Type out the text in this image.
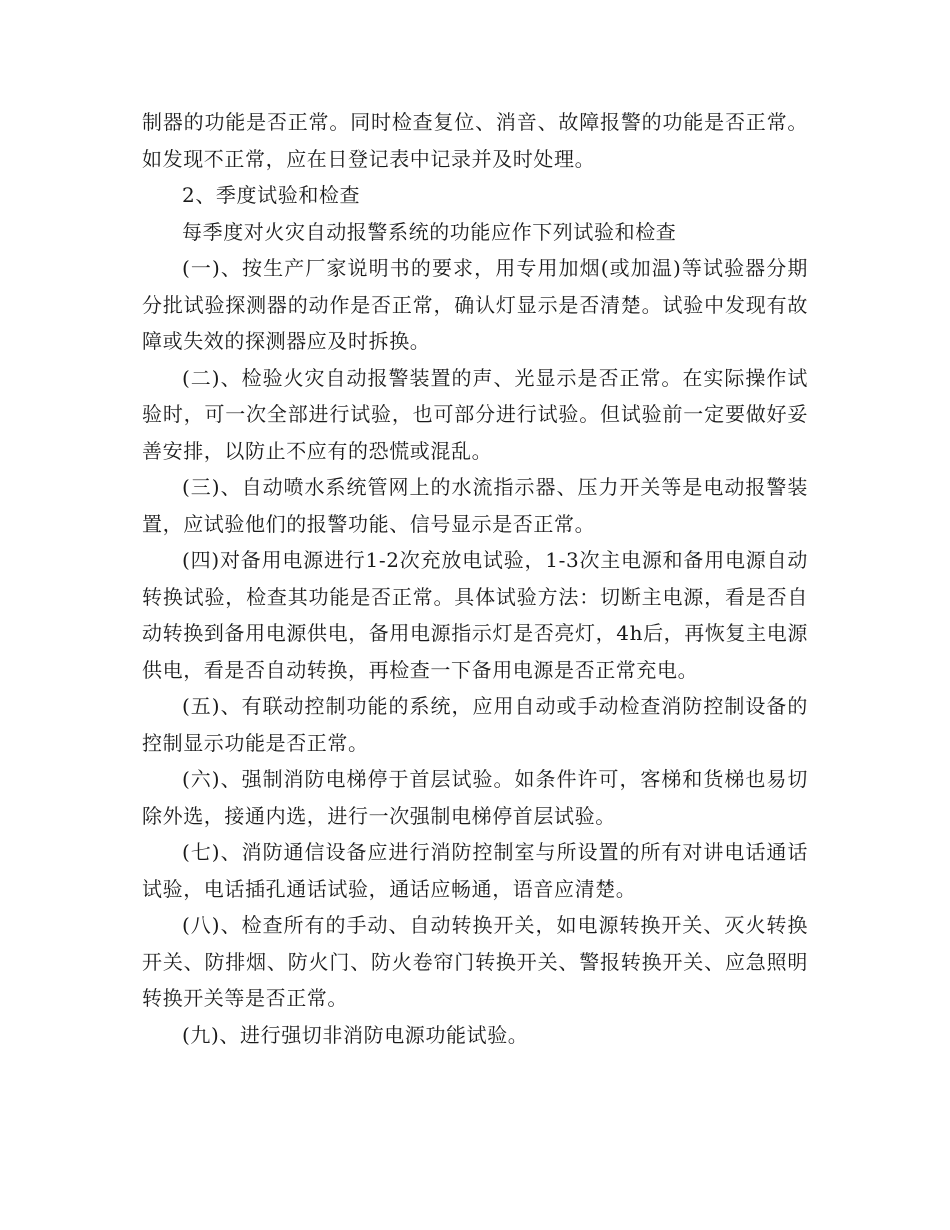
制器的功能是否正常。同时检查复位、消音、故障报警的功能是否正常。如发现不正常，应在日登记表中记录并及时处理。

2、季度试验和检查

每季度对火灾自动报警系统的功能应作下列试验和检查

(一)、按生产厂家说明书的要求，用专用加烟(或加温)等试验器分期分批试验探测器的动作是否正常，确认灯显示是否清楚。试验中发现有故障或失效的探测器应及时拆换。

(二)、检验火灾自动报警装置的声、光显示是否正常。在实际操作试验时，可一次全部进行试验，也可部分进行试验。但试验前一定要做好妥善安排，以防止不应有的恐慌或混乱。

(三)、自动喷水系统管网上的水流指示器、压力开关等是电动报警装置，应试验他们的报警功能、信号显示是否正常。

(四)对备用电源进行1-2次充放电试验，1-3次主电源和备用电源自动转换试验，检查其功能是否正常。具体试验方法：切断主电源，看是否自动转换到备用电源供电，备用电源指示灯是否亮灯，4h后，再恢复主电源供电，看是否自动转换，再检查一下备用电源是否正常充电。

(五)、有联动控制功能的系统，应用自动或手动检查消防控制设备的控制显示功能是否正常。

(六)、强制消防电梯停于首层试验。如条件许可，客梯和货梯也易切除外选，接通内选，进行一次强制电梯停首层试验。

(七)、消防通信设备应进行消防控制室与所设置的所有对讲电话通话试验，电话插孔通话试验，通话应畅通，语音应清楚。

(八)、检查所有的手动、自动转换开关，如电源转换开关、灭火转换开关、防排烟、防火门、防火卷帘门转换开关、警报转换开关、应急照明转换开关等是否正常。

(九)、进行强切非消防电源功能试验。
